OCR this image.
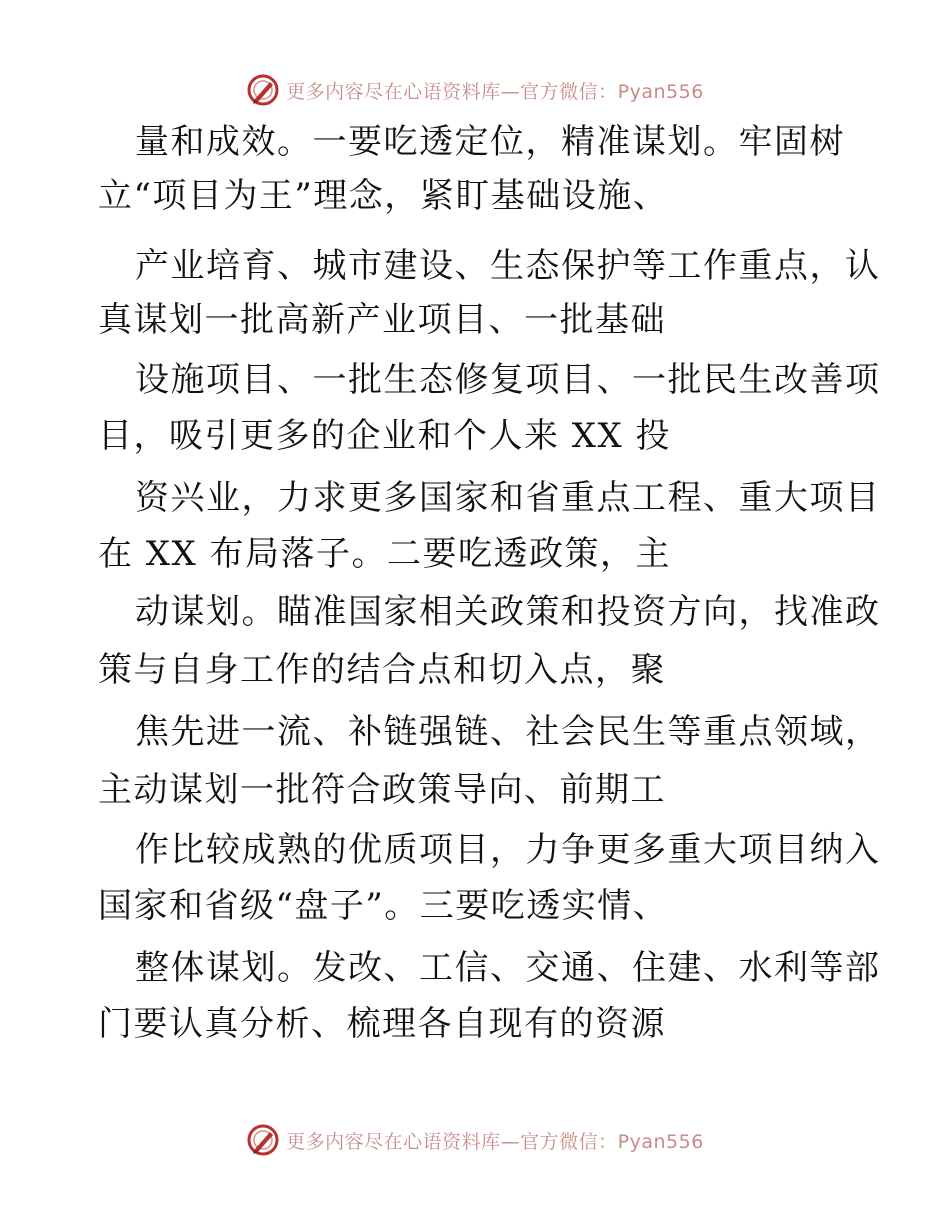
更多内容尽在心语资料库—官方微信：Pyan556
量和成效。一要吃透定位，精准谋划。牢固树
立“项目为王”理念，紧盯基础设施、
产业培育、城市建设、生态保护等工作重点，认
真谋划一批高新产业项目、一批基础
设施项目、一批生态修复项目、一批民生改善项
目，吸引更多的企业和个人来 XX 投
资兴业，力求更多国家和省重点工程、重大项目
在 XX 布局落子。二要吃透政策，主
动谋划。瞄准国家相关政策和投资方向，找准政
策与自身工作的结合点和切入点，聚
焦先进一流、补链强链、社会民生等重点领域，
主动谋划一批符合政策导向、前期工
作比较成熟的优质项目，力争更多重大项目纳入
国家和省级“盘子”。三要吃透实情、
整体谋划。发改、工信、交通、住建、水利等部
门要认真分析、梳理各自现有的资源
更多内容尽在心语资料库—官方微信：Pyan556
